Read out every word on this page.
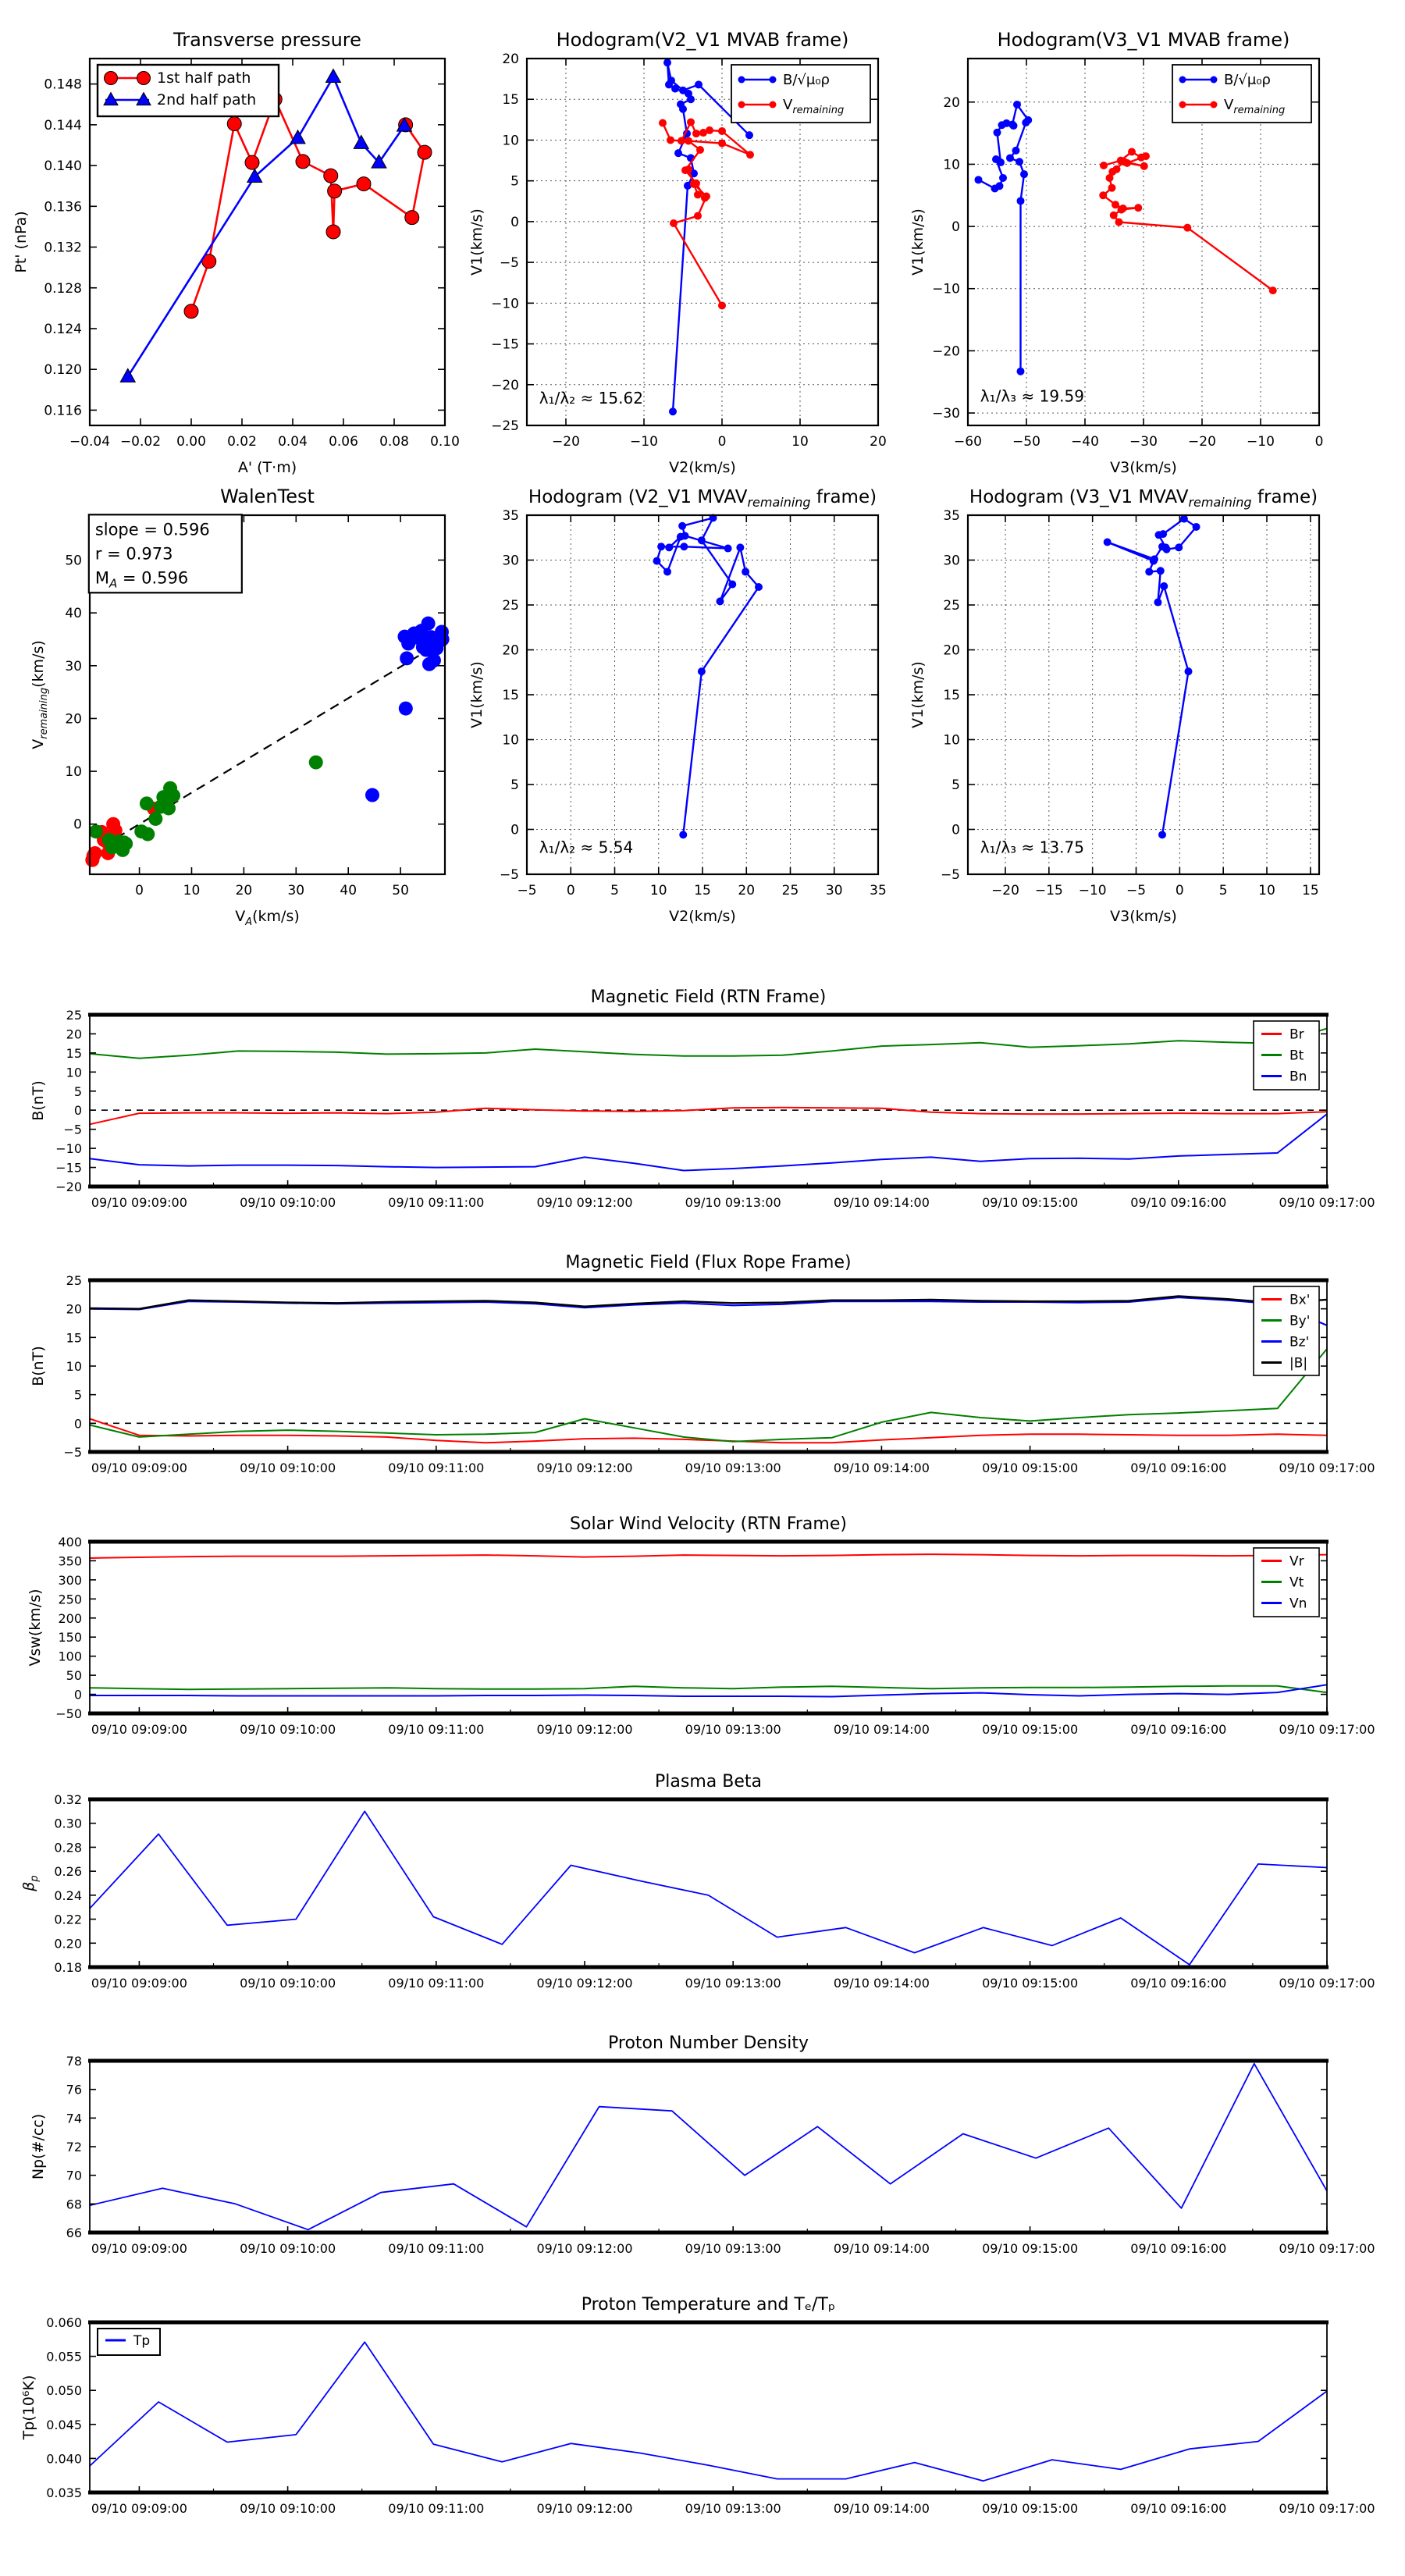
−0.04 −0.02 0.00 0.02 0.04 0.06 0.08 0.10
0.116
0.120
0.124
0.128
0.132
0.136
0.140
0.144
0.148
Transverse pressure
A' (T·m)
Pt' (nPa)
1st half path
2nd half path
−20	−10	0	10	20
−25
−20
−15
−10
−5
0
5
10
15
20
Hodogram(V2_V1 MVAB frame)
V2(km/s)
V1(km/s)
B/√μ₀ρ
$V_{remaining}$
λ₁/λ₂ ≈ 15.62
−60 −50 −40 −30 −20 −10	0
−30
−20
−10
0
10
20
Hodogram(V3_V1 MVAB frame)
V3(km/s)
V1(km/s)
B/√μ₀ρ
$V_{remaining}$
λ₁/λ₃ ≈ 19.59
0	10	20	30	40	50
0
10
20
30
40
50
WalenTest
$V_A(km/s)$
$V_{remaining}(km/s)$
slope = 0.596
r = 0.973
$M_A = 0.596$
−5 0	5 10 15 20 25 30 35
−5
0
5
10
15
20
25
30
35
Hodogram (V2_V1 $MVAV_{remaining}$ frame)
V2(km/s)
V1(km/s)
λ₁/λ₂ ≈ 5.54
−20 −15 −10 −5 0	5 10 15
−5
0
5
10
15
20
25
30
35
Hodogram (V3_V1 $MVAV_{remaining}$ frame)
V3(km/s)
V1(km/s)
λ₁/λ₃ ≈ 13.75
09/10 09:09:00	09/10 09:10:00	09/10 09:11:00	09/10 09:12:00	09/10 09:13:00	09/10 09:14:00	09/10 09:15:00	09/10 09:16:00	09/10 09:17:00
−20
−15
−10
−5
0
5
10
15
20
25
Magnetic Field (RTN Frame)
B(nT)
Br
Bt
Bn
09/10 09:09:00	09/10 09:10:00	09/10 09:11:00	09/10 09:12:00	09/10 09:13:00	09/10 09:14:00	09/10 09:15:00	09/10 09:16:00	09/10 09:17:00
−5
0
5
10
15
20
25
Magnetic Field (Flux Rope Frame)
B(nT)
Bx'
By'
Bz'
|B|
09/10 09:09:00	09/10 09:10:00	09/10 09:11:00	09/10 09:12:00	09/10 09:13:00	09/10 09:14:00	09/10 09:15:00	09/10 09:16:00	09/10 09:17:00
−50
0
50
100
150
200
250
300
350
400
Solar Wind Velocity (RTN Frame)
Vsw(km/s)
Vr
Vt
Vn
09/10 09:09:00	09/10 09:10:00	09/10 09:11:00	09/10 09:12:00	09/10 09:13:00	09/10 09:14:00	09/10 09:15:00	09/10 09:16:00	09/10 09:17:00
0.18
0.20
0.22
0.24
0.26
0.28
0.30
0.32
Plasma Beta
$\beta_p$
09/10 09:09:00	09/10 09:10:00	09/10 09:11:00	09/10 09:12:00	09/10 09:13:00	09/10 09:14:00	09/10 09:15:00	09/10 09:16:00	09/10 09:17:00
66
68
70
72
74
76
78
Proton Number Density
Np(#/cc)
09/10 09:09:00	09/10 09:10:00	09/10 09:11:00	09/10 09:12:00	09/10 09:13:00	09/10 09:14:00	09/10 09:15:00	09/10 09:16:00	09/10 09:17:00
0.035
0.040
0.045
0.050
0.055
0.060
Proton Temperature and Tₑ/Tₚ
Tp(10⁶K)
Tp
